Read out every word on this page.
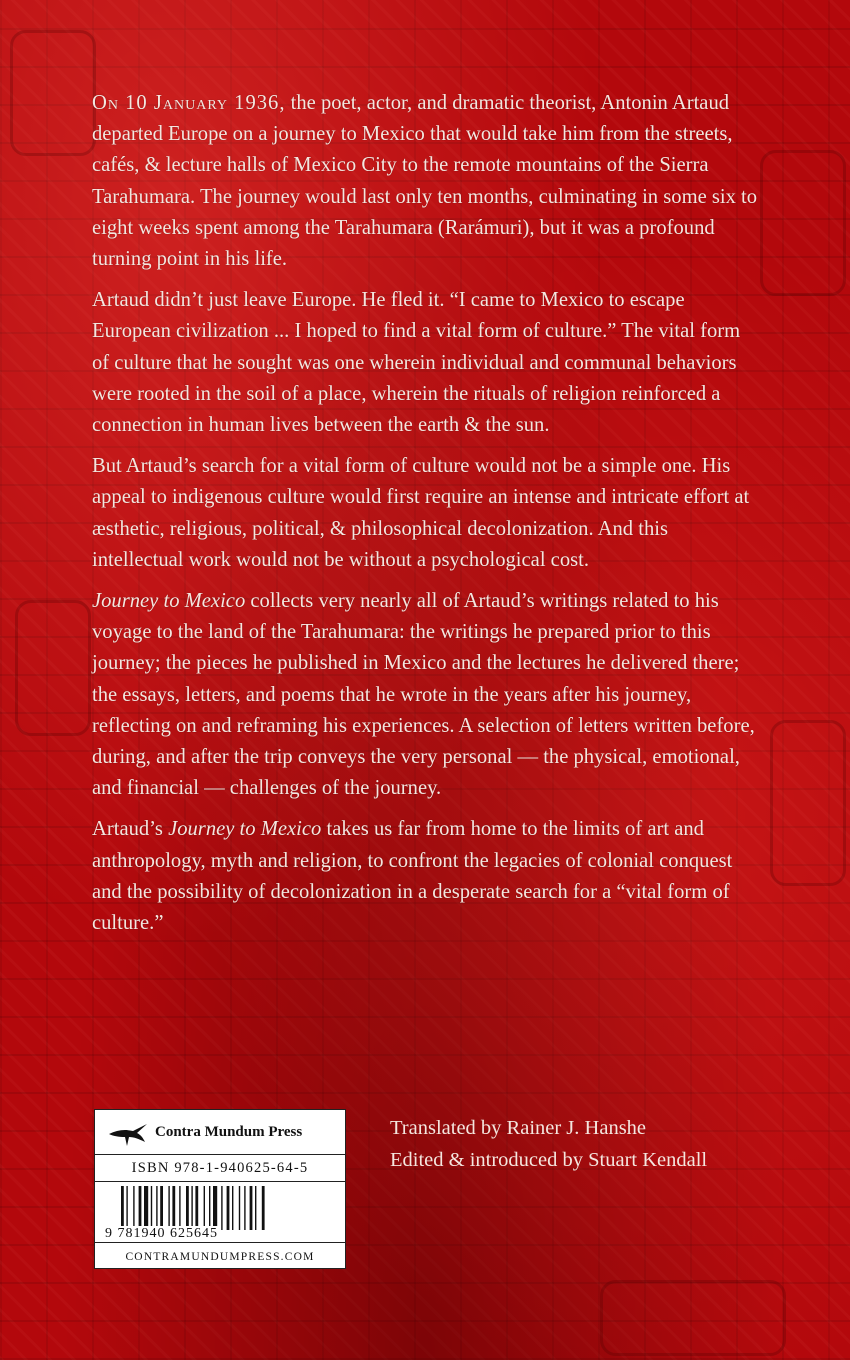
On 10 January 1936, the poet, actor, and dramatic theorist, Antonin Artaud departed Europe on a journey to Mexico that would take him from the streets, cafés, & lecture halls of Mexico City to the remote mountains of the Sierra Tarahumara. The journey would last only ten months, culminating in some six to eight weeks spent among the Tarahumara (Rarámuri), but it was a profound turning point in his life.

Artaud didn’t just leave Europe. He fled it. “I came to Mexico to escape European civilization ... I hoped to find a vital form of culture.” The vital form of culture that he sought was one wherein individual and communal behaviors were rooted in the soil of a place, wherein the rituals of religion reinforced a connection in human lives between the earth & the sun.

But Artaud’s search for a vital form of culture would not be a simple one. His appeal to indigenous culture would first require an intense and intricate effort at æsthetic, religious, political, & philosophical decolonization. And this intellectual work would not be without a psychological cost.

Journey to Mexico collects very nearly all of Artaud’s writings related to his voyage to the land of the Tarahumara: the writings he prepared prior to this journey; the pieces he published in Mexico and the lectures he delivered there; the essays, letters, and poems that he wrote in the years after his journey, reflecting on and reframing his experiences. A selection of letters written before, during, and after the trip conveys the very personal — the physical, emotional, and financial — challenges of the journey.

Artaud’s Journey to Mexico takes us far from home to the limits of art and anthropology, myth and religion, to confront the legacies of colonial conquest and the possibility of decolonization in a desperate search for a “vital form of culture.”

Contra Mundum Press
ISBN 978-1-940625-64-5
9 781940 625645
CONTRAMUNDUMPRESS.COM
Translated by Rainer J. Hanshe
Edited & introduced by Stuart Kendall
